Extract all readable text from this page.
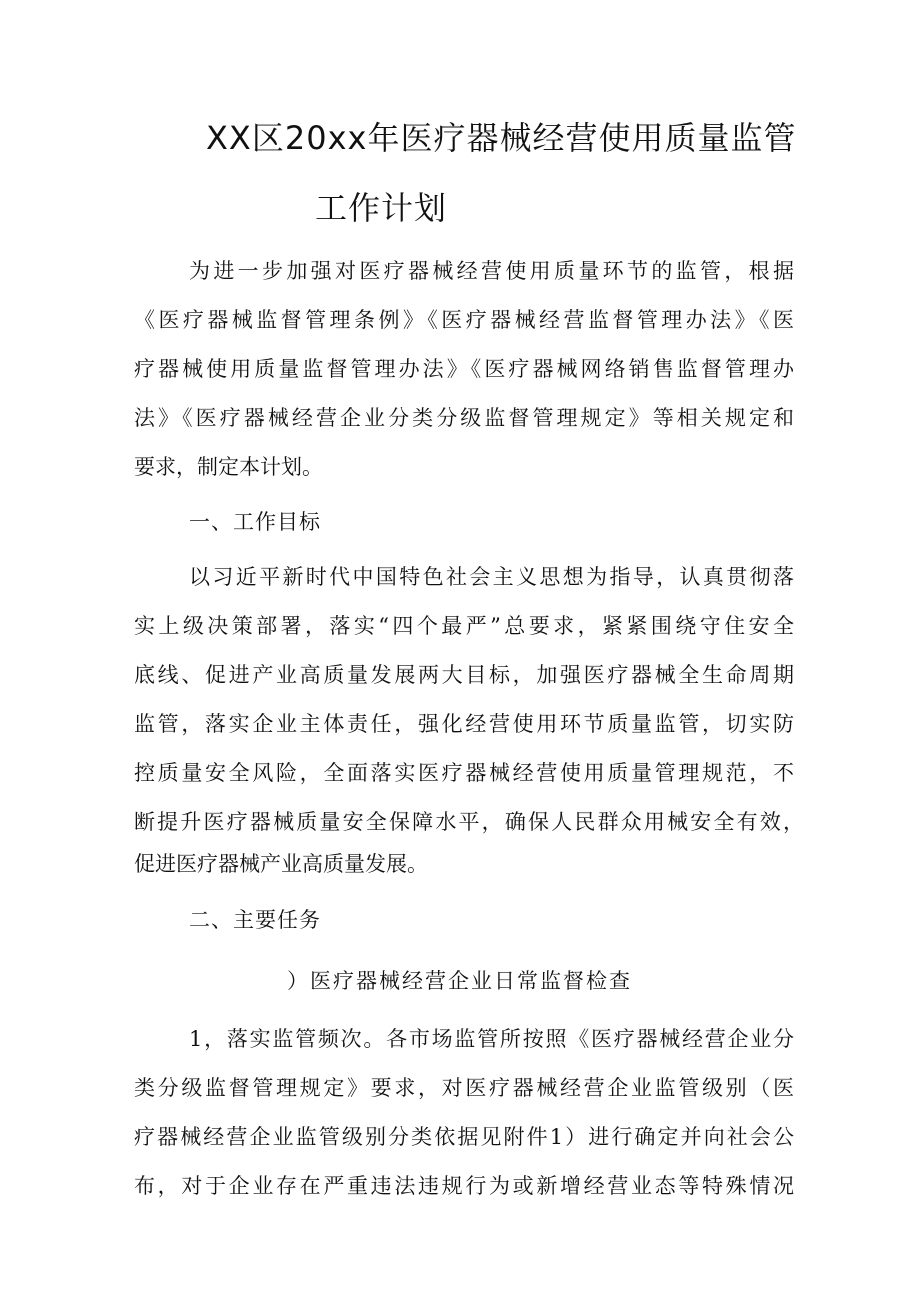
XX区20xx年医疗器械经营使用质量监管
工作计划
为进一步加强对医疗器械经营使用质量环节的监管，根据
《医疗器械监督管理条例》《医疗器械经营监督管理办法》《医
疗器械使用质量监督管理办法》《医疗器械网络销售监督管理办
法》《医疗器械经营企业分类分级监督管理规定》等相关规定和
要求，制定本计划。
一、工作目标
以习近平新时代中国特色社会主义思想为指导，认真贯彻落
实上级决策部署，落实“四个最严”总要求，紧紧围绕守住安全
底线、促进产业高质量发展两大目标，加强医疗器械全生命周期
监管，落实企业主体责任，强化经营使用环节质量监管，切实防
控质量安全风险，全面落实医疗器械经营使用质量管理规范，不
断提升医疗器械质量安全保障水平，确保人民群众用械安全有效，
促进医疗器械产业高质量发展。
二、主要任务
）医疗器械经营企业日常监督检查
1，落实监管频次。各市场监管所按照《医疗器械经营企业分
类分级监督管理规定》要求，对医疗器械经营企业监管级别（医
疗器械经营企业监管级别分类依据见附件1）进行确定并向社会公
布，对于企业存在严重违法违规行为或新增经营业态等特殊情况
